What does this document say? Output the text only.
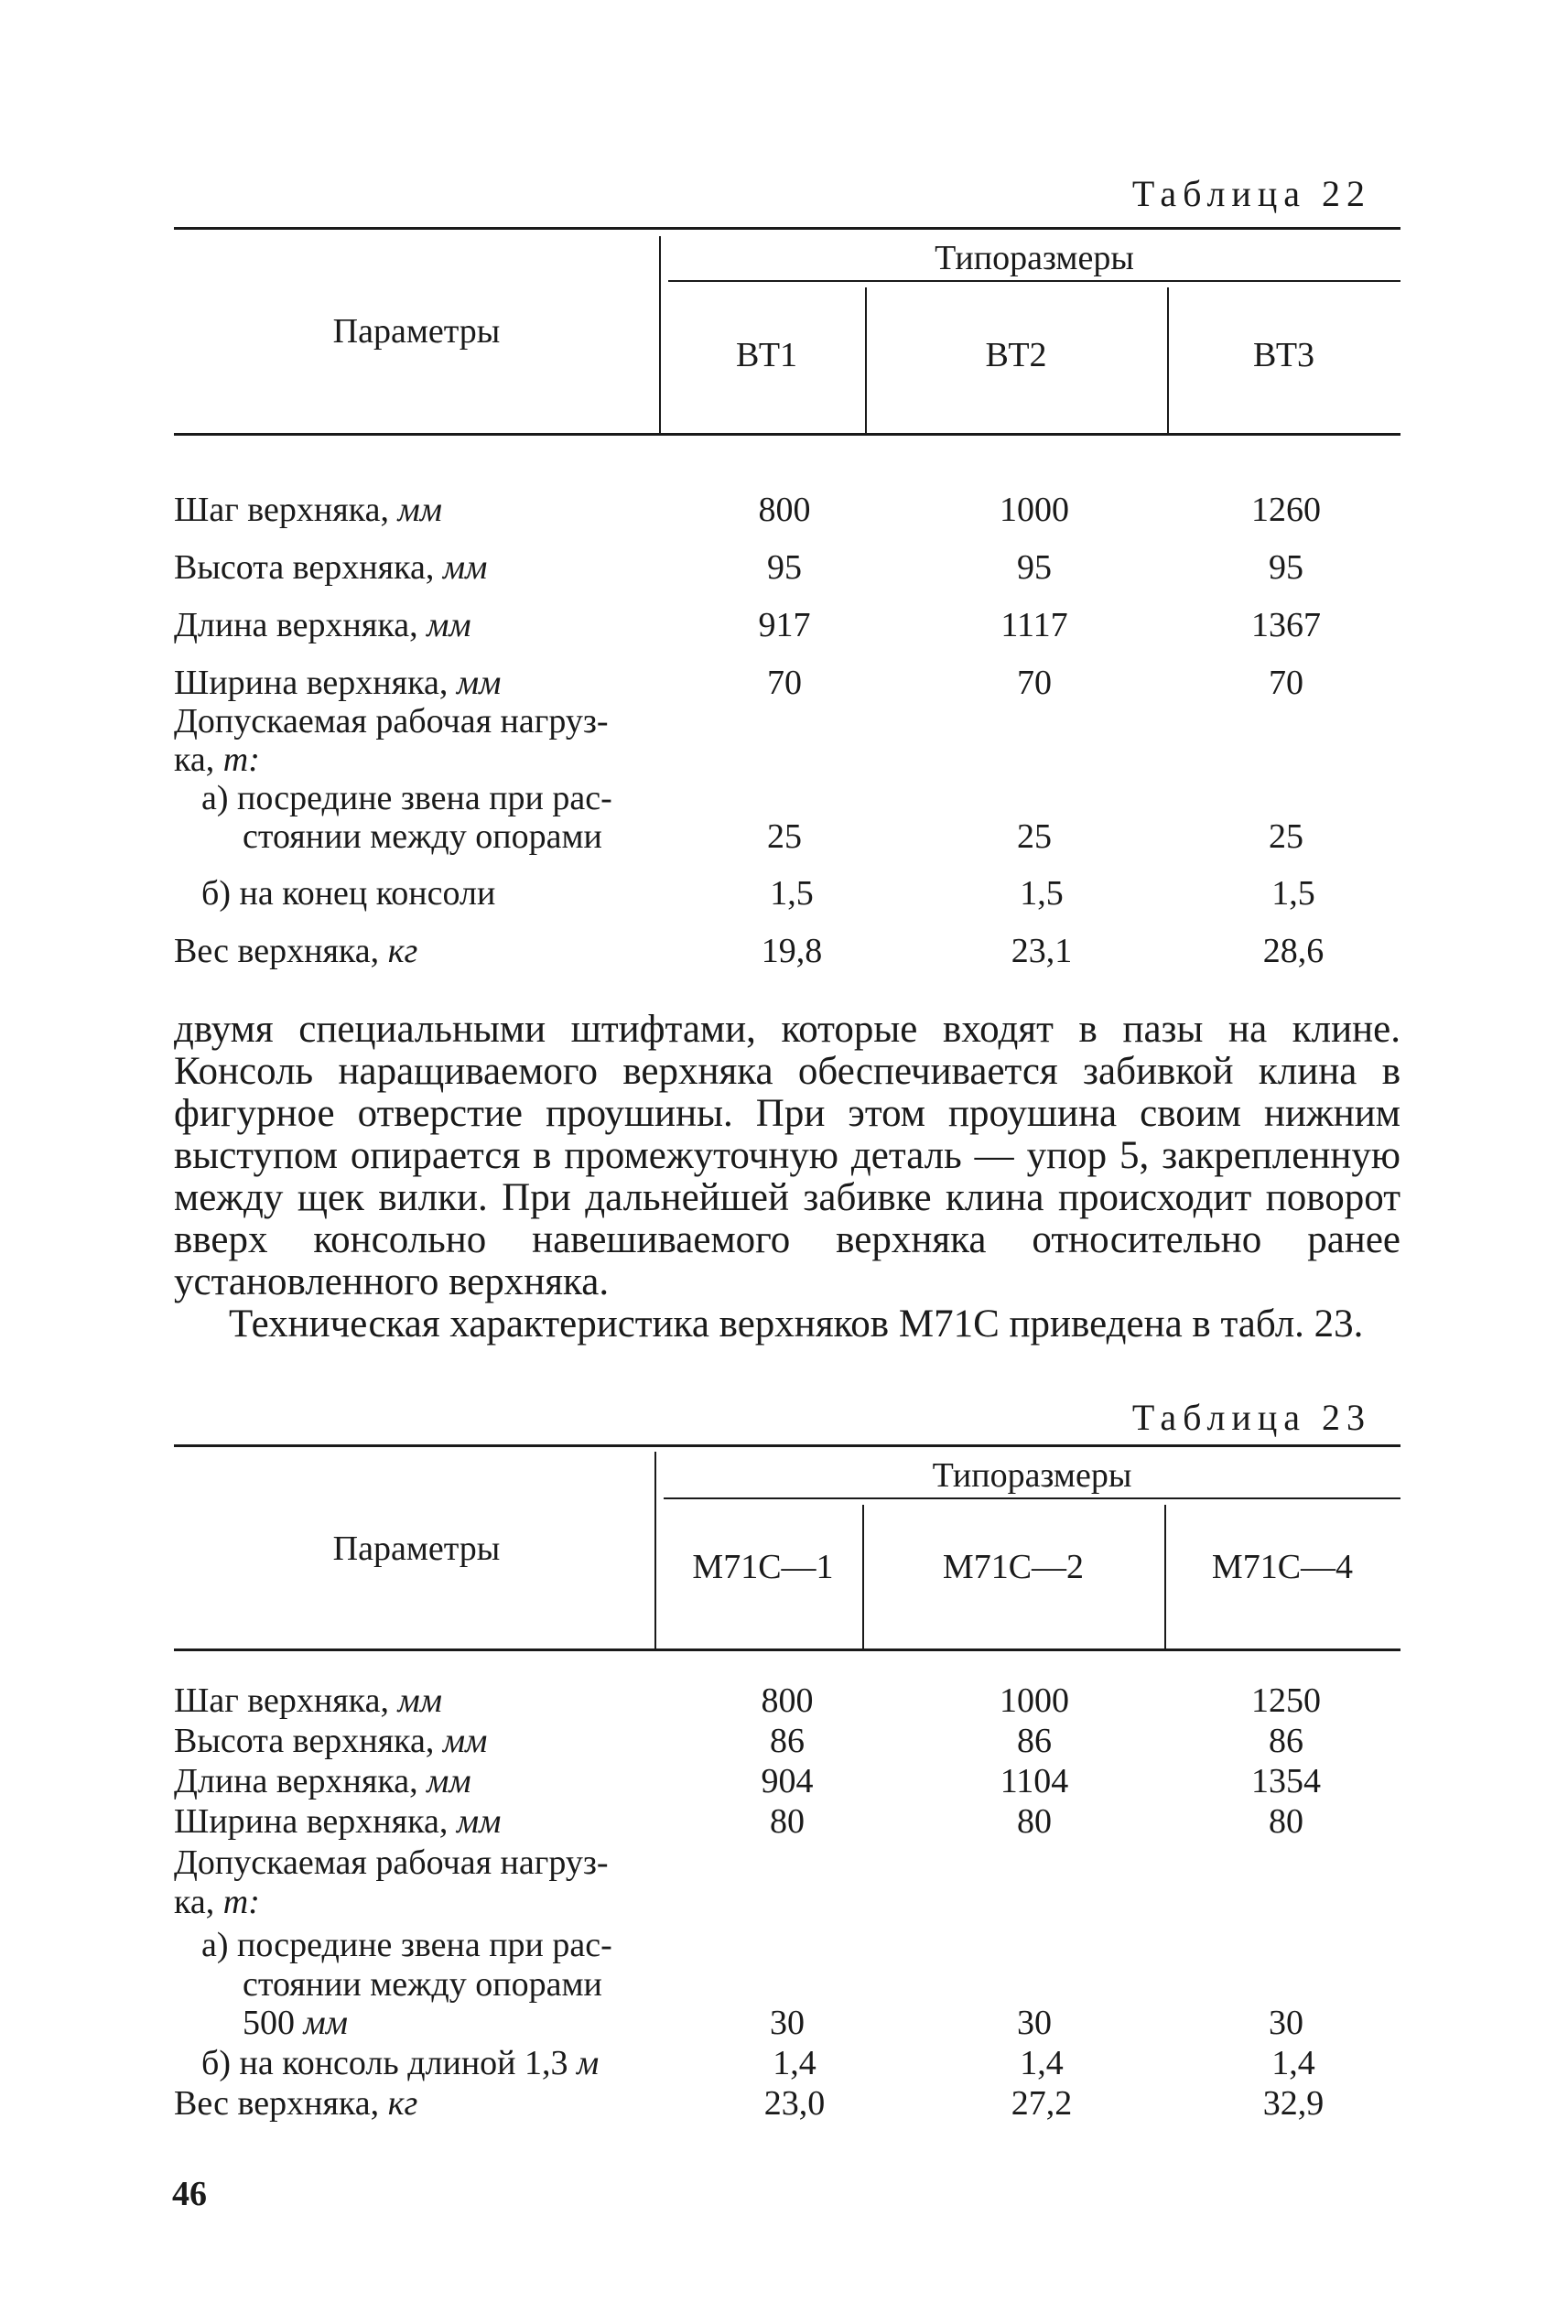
Таблица 22
Параметры
Типоразмеры
ВТ1	ВТ2	ВТ3
Шаг верхняка, мм	800	1000	1260
Высота верхняка, мм	95	95	95
Длина верхняка, мм	917	1117	1367
Ширина верхняка, мм	70	70	70
Допускаемая рабочая нагруз-
ка, т:
а) посредине звена при рас-
стоянии между опорами	25	25	25
б) на конец консоли	1,5	1,5	1,5
Вес верхняка, кг	19,8	23,1	28,6

двумя специальными штифтами, которые входят в пазы на клине. Консоль наращиваемого верхняка обеспечивается забивкой клина в фигурное отверстие проушины. При этом проушина своим нижним выступом опирается в промежуточную деталь — упор 5, закрепленную между щек вилки. При дальнейшей забивке клина происходит поворот вверх консольно навешиваемого верхняка относительно ранее установленного верхняка.

Техническая характеристика верхняков М71С приведена в табл. 23.

Таблица 23
Параметры
Типоразмеры
М71С—1	М71С—2	М71С—4
Шаг верхняка, мм	800	1000	1250
Высота верхняка, мм	86	86	86
Длина верхняка, мм	904	1104	1354
Ширина верхняка, мм	80	80	80
Допускаемая рабочая нагруз-
ка, т:
а) посредине звена при рас-
стоянии между опорами
500 мм	30	30	30
б) на консоль длиной 1,3 м	1,4	1,4	1,4
Вес верхняка, кг	23,0	27,2	32,9
46
